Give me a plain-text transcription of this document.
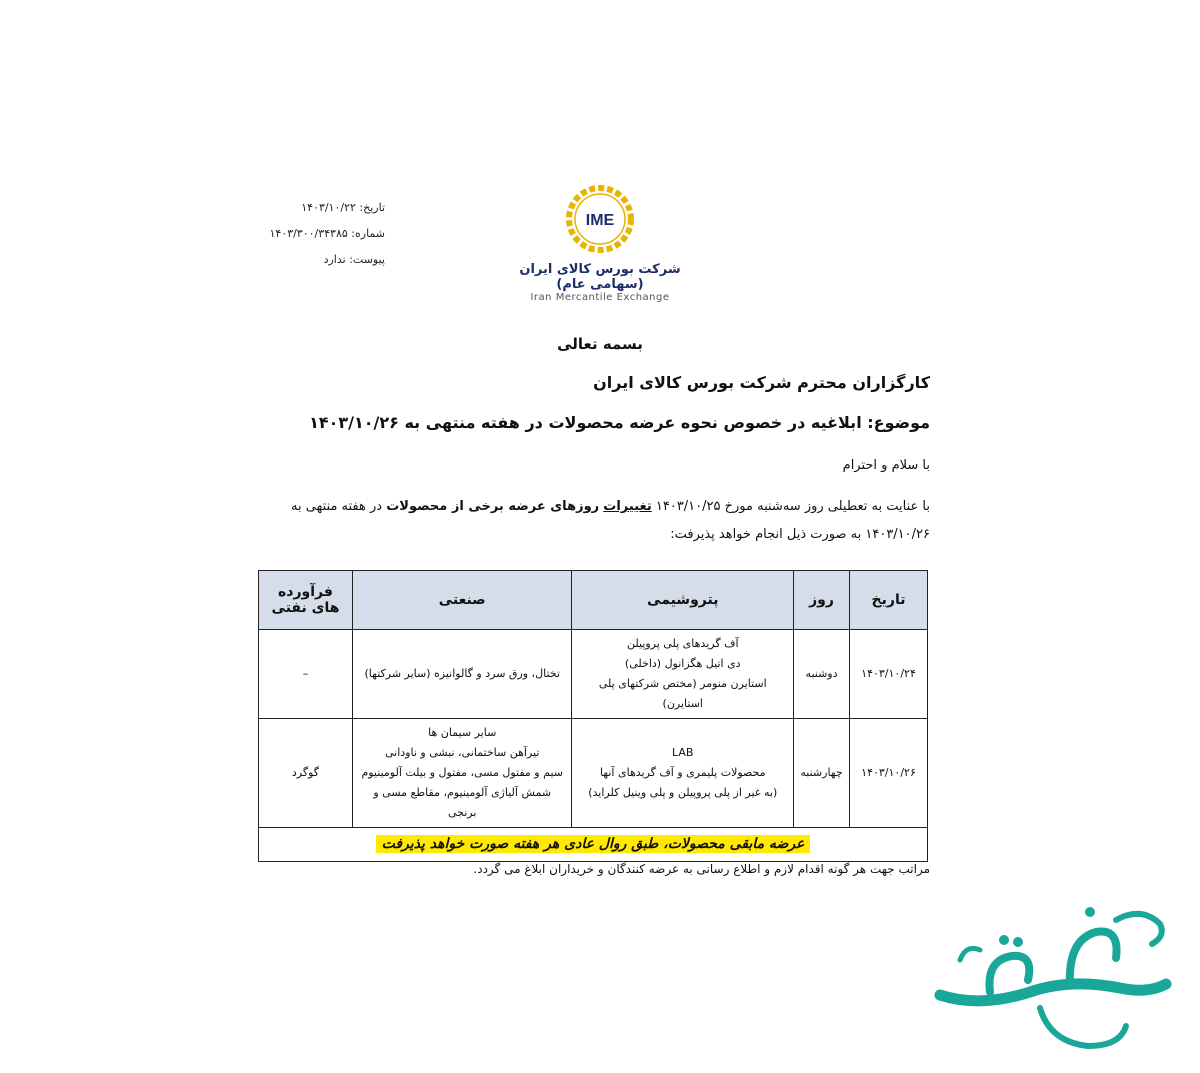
تاریخ: ۱۴۰۳/۱۰/۲۲
شماره: ۱۴۰۳/۳۰۰/۳۴۳۸۵
پیوست: ندارد
IME
شرکت بورس کالای ایران (سهامی عام)
Iran Mercantile Exchange
بسمه تعالی
کارگزاران محترم شرکت بورس کالای ایران
موضوع: ابلاغیه در خصوص نحوه عرضه محصولات در هفته منتهی به ۱۴۰۳/۱۰/۲۶
با سلام و احترام
با عنایت به تعطیلی روز سه‌شنبه مورخ ۱۴۰۳/۱۰/۲۵ تغییرات روزهای عرضه برخی از محصولات در هفته منتهی به ۱۴۰۳/۱۰/۲۶ به صورت ذیل انجام خواهد پذیرفت:
تاریخ	روز	پتروشیمی	صنعتی	فرآورده های نفتی
۱۴۰۳/۱۰/۲۴	دوشنبه	آف گریدهای پلی پروپیلن
دی اتیل هگزانول (داخلی)
استایرن منومر (مختص شرکتهای پلی استایرن)	تختال، ورق سرد و گالوانیزه (سایر شرکتها)	–
۱۴۰۳/۱۰/۲۶	چهارشنبه	LAB
محصولات پلیمری و آف گریدهای آنها
(به غیر از پلی پروپیلن و پلی وینیل کلراید)	سایر سیمان ها
تیرآهن ساختمانی، نبشی و ناودانی
سیم و مفتول مسی، مفتول و بیلت آلومینیوم
شمش آلیاژی آلومینیوم، مقاطع مسی و برنجی	گوگرد
عرضه مابقی محصولات، طبق روال عادی هر هفته صورت خواهد پذیرفت				
مراتب جهت هر گونه اقدام لازم و اطلاع رسانی به عرضه کنندگان و خریداران ابلاغ می گردد.
